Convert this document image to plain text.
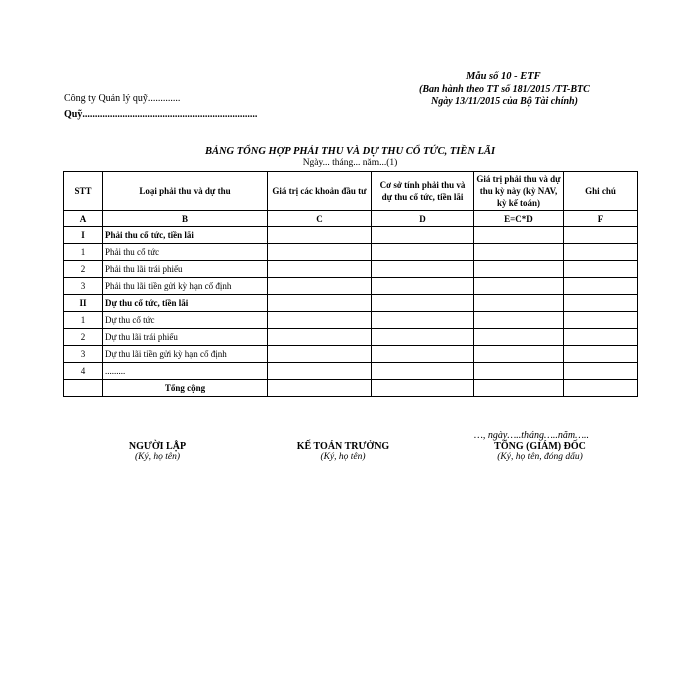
Mẫu số 10 - ETF
(Ban hành theo TT số 181/2015 /TT-BTC
Ngày 13/11/2015 của Bộ Tài chính)
Công ty Quản lý quỹ.............
Quỹ......................................................................
BẢNG TỔNG HỢP PHẢI THU VÀ DỰ THU CỔ TỨC, TIỀN LÃI
Ngày... tháng... năm...(1)
STT	Loại phải thu và dự thu	Giá trị các khoản đầu tư	Cơ sở tính phải thu và dự thu cổ tức, tiền lãi	Giá trị phải thu và dự thu kỳ này (kỳ NAV, kỳ kế toán)	Ghi chú
A	B	C	D	E=C*D	F
I	Phải thu cổ tức, tiền lãi				
1	Phải thu cổ tức				
2	Phải thu lãi trái phiếu				
3	Phải thu lãi tiền gửi kỳ hạn cố định				
II	Dự thu cổ tức, tiền lãi				
1	Dự thu cổ tức				
2	Dự thu lãi trái phiếu				
3	Dự thu lãi tiền gửi kỳ hạn cố định				
4	.........				
	Tổng cộng				
…, ngày…..tháng…..năm…..
NGƯỜI LẬP
(Ký, họ tên)
KẾ TOÁN TRƯỞNG
(Ký, họ tên)
TỔNG (GIÁM) ĐỐC
(Ký, họ tên, đóng dấu)
